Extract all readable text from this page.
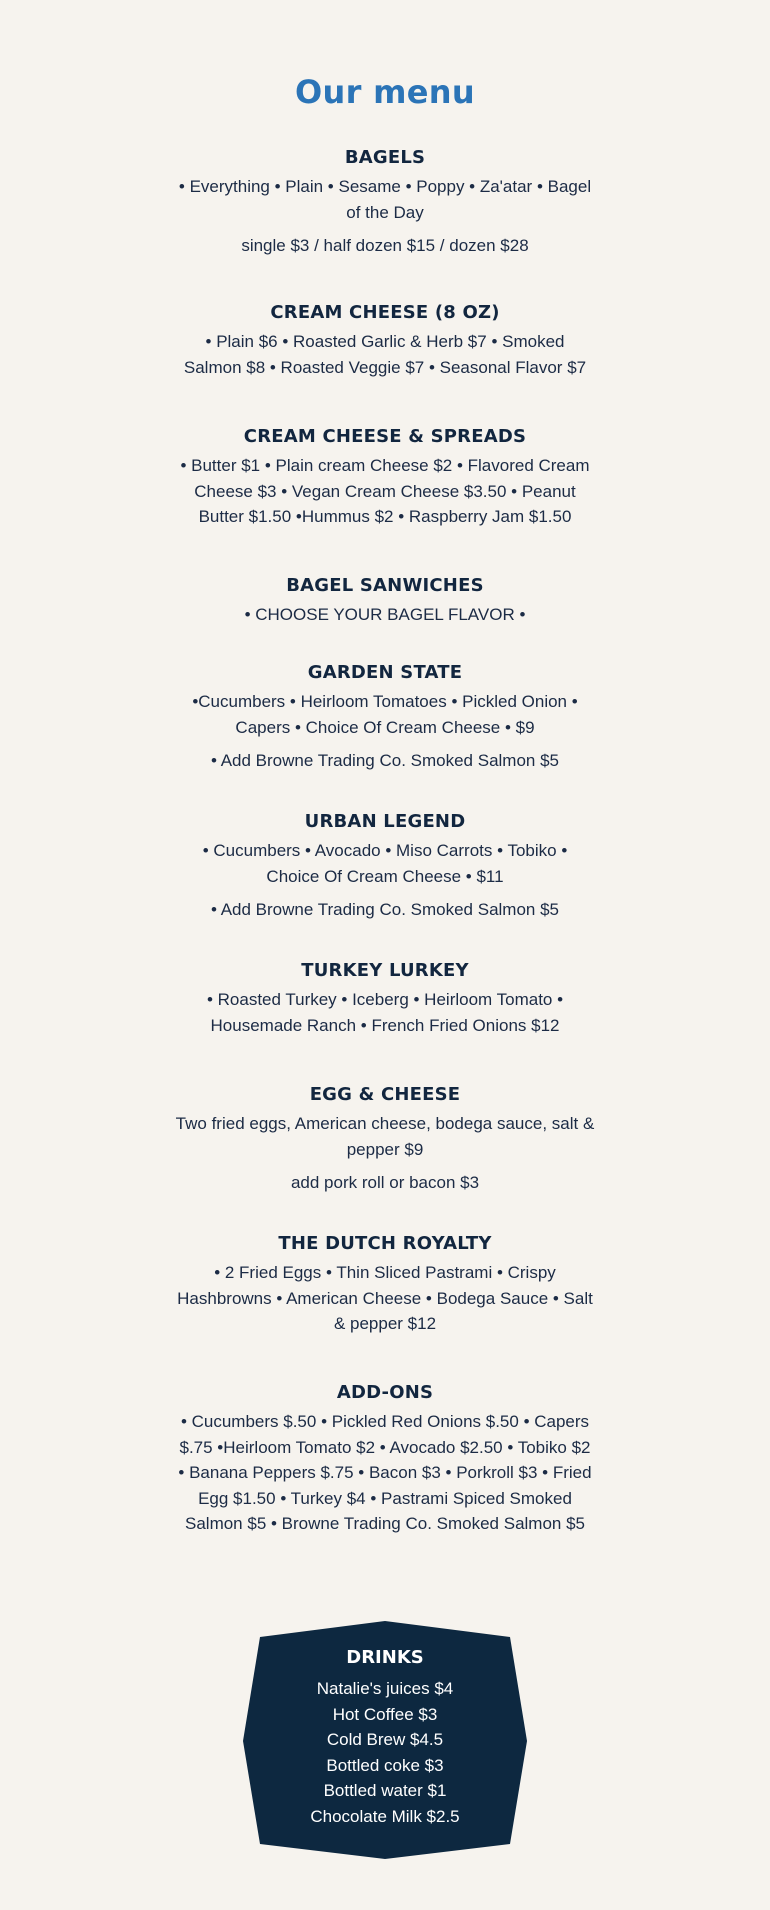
Our menu
BAGELS

• Everything • Plain • Sesame • Poppy • Za'atar • Bagel of the Day

single $3 / half dozen $15 / dozen $28

CREAM CHEESE (8 OZ)

• Plain $6 • Roasted Garlic & Herb $7 • Smoked Salmon $8 • Roasted Veggie $7 • Seasonal Flavor $7

CREAM CHEESE & SPREADS

• Butter $1 • Plain cream Cheese $2 • Flavored Cream Cheese $3 • Vegan Cream Cheese $3.50 • Peanut Butter $1.50 •Hummus $2 • Raspberry Jam $1.50

BAGEL SANWICHES

• CHOOSE YOUR BAGEL FLAVOR •

GARDEN STATE

•Cucumbers • Heirloom Tomatoes • Pickled Onion • Capers • Choice Of Cream Cheese • $9

• Add Browne Trading Co. Smoked Salmon $5

URBAN LEGEND

• Cucumbers • Avocado • Miso Carrots • Tobiko • Choice Of Cream Cheese • $11

• Add Browne Trading Co. Smoked Salmon $5

TURKEY LURKEY

• Roasted Turkey • Iceberg • Heirloom Tomato • Housemade Ranch • French Fried Onions $12

EGG & CHEESE

Two fried eggs, American cheese, bodega sauce, salt & pepper $9

add pork roll or bacon $3

THE DUTCH ROYALTY

• 2 Fried Eggs • Thin Sliced Pastrami • Crispy Hashbrowns • American Cheese • Bodega Sauce • Salt & pepper $12

ADD-ONS

• Cucumbers $.50 • Pickled Red Onions $.50 • Capers $.75 •Heirloom Tomato $2 • Avocado $2.50 • Tobiko $2 • Banana Peppers $.75 • Bacon $3 • Porkroll $3 • Fried Egg $1.50 • Turkey $4 • Pastrami Spiced Smoked Salmon $5 • Browne Trading Co. Smoked Salmon $5

DRINKS

Natalie's juices $4

Hot Coffee $3

Cold Brew $4.5

Bottled coke $3

Bottled water $1

Chocolate Milk $2.5
